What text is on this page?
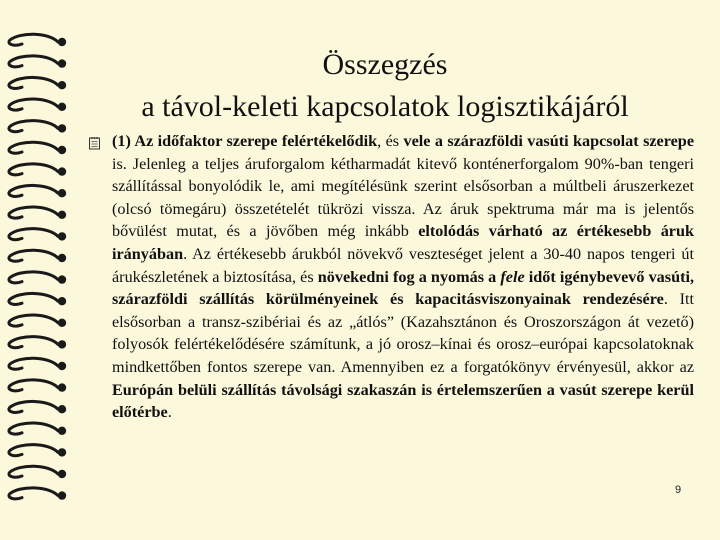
Összegzés
a távol-keleti kapcsolatok logisztikájáról
(1) Az időfaktor szerepe felértékelődik, és vele a szárazföldi vasúti kapcsolat szerepe is. Jelenleg a teljes áruforgalom kétharmadát kitevő konténerforgalom 90%-ban tengeri szállítással bonyolódik le, ami megítélésünk szerint elsősorban a múltbeli áruszerkezet (olcsó tömegáru) összetételét tükrözi vissza. Az áruk spektruma már ma is jelentős bővülést mutat, és a jövőben még inkább eltolódás várható az értékesebb áruk irányában. Az értékesebb árukból növekvő veszteséget jelent a 30-40 napos tengeri út árukészletének a biztosítása, és növekedni fog a nyomás a fele időt igénybevevő vasúti, szárazföldi szállítás körülményeinek és kapacitásviszonyainak rendezésére. Itt elsősorban a transz-szibériai és az „átlós” (Kazahsztánon és Oroszországon át vezető) folyosók felértékelődésére számítunk, a jó orosz–kínai és orosz–európai kapcsolatoknak mindkettőben fontos szerepe van. Amennyiben ez a forgatókönyv érvényesül, akkor az Európán belüli szállítás távolsági szakaszán is értelemszerűen a vasút szerepe kerül előtérbe.
9
